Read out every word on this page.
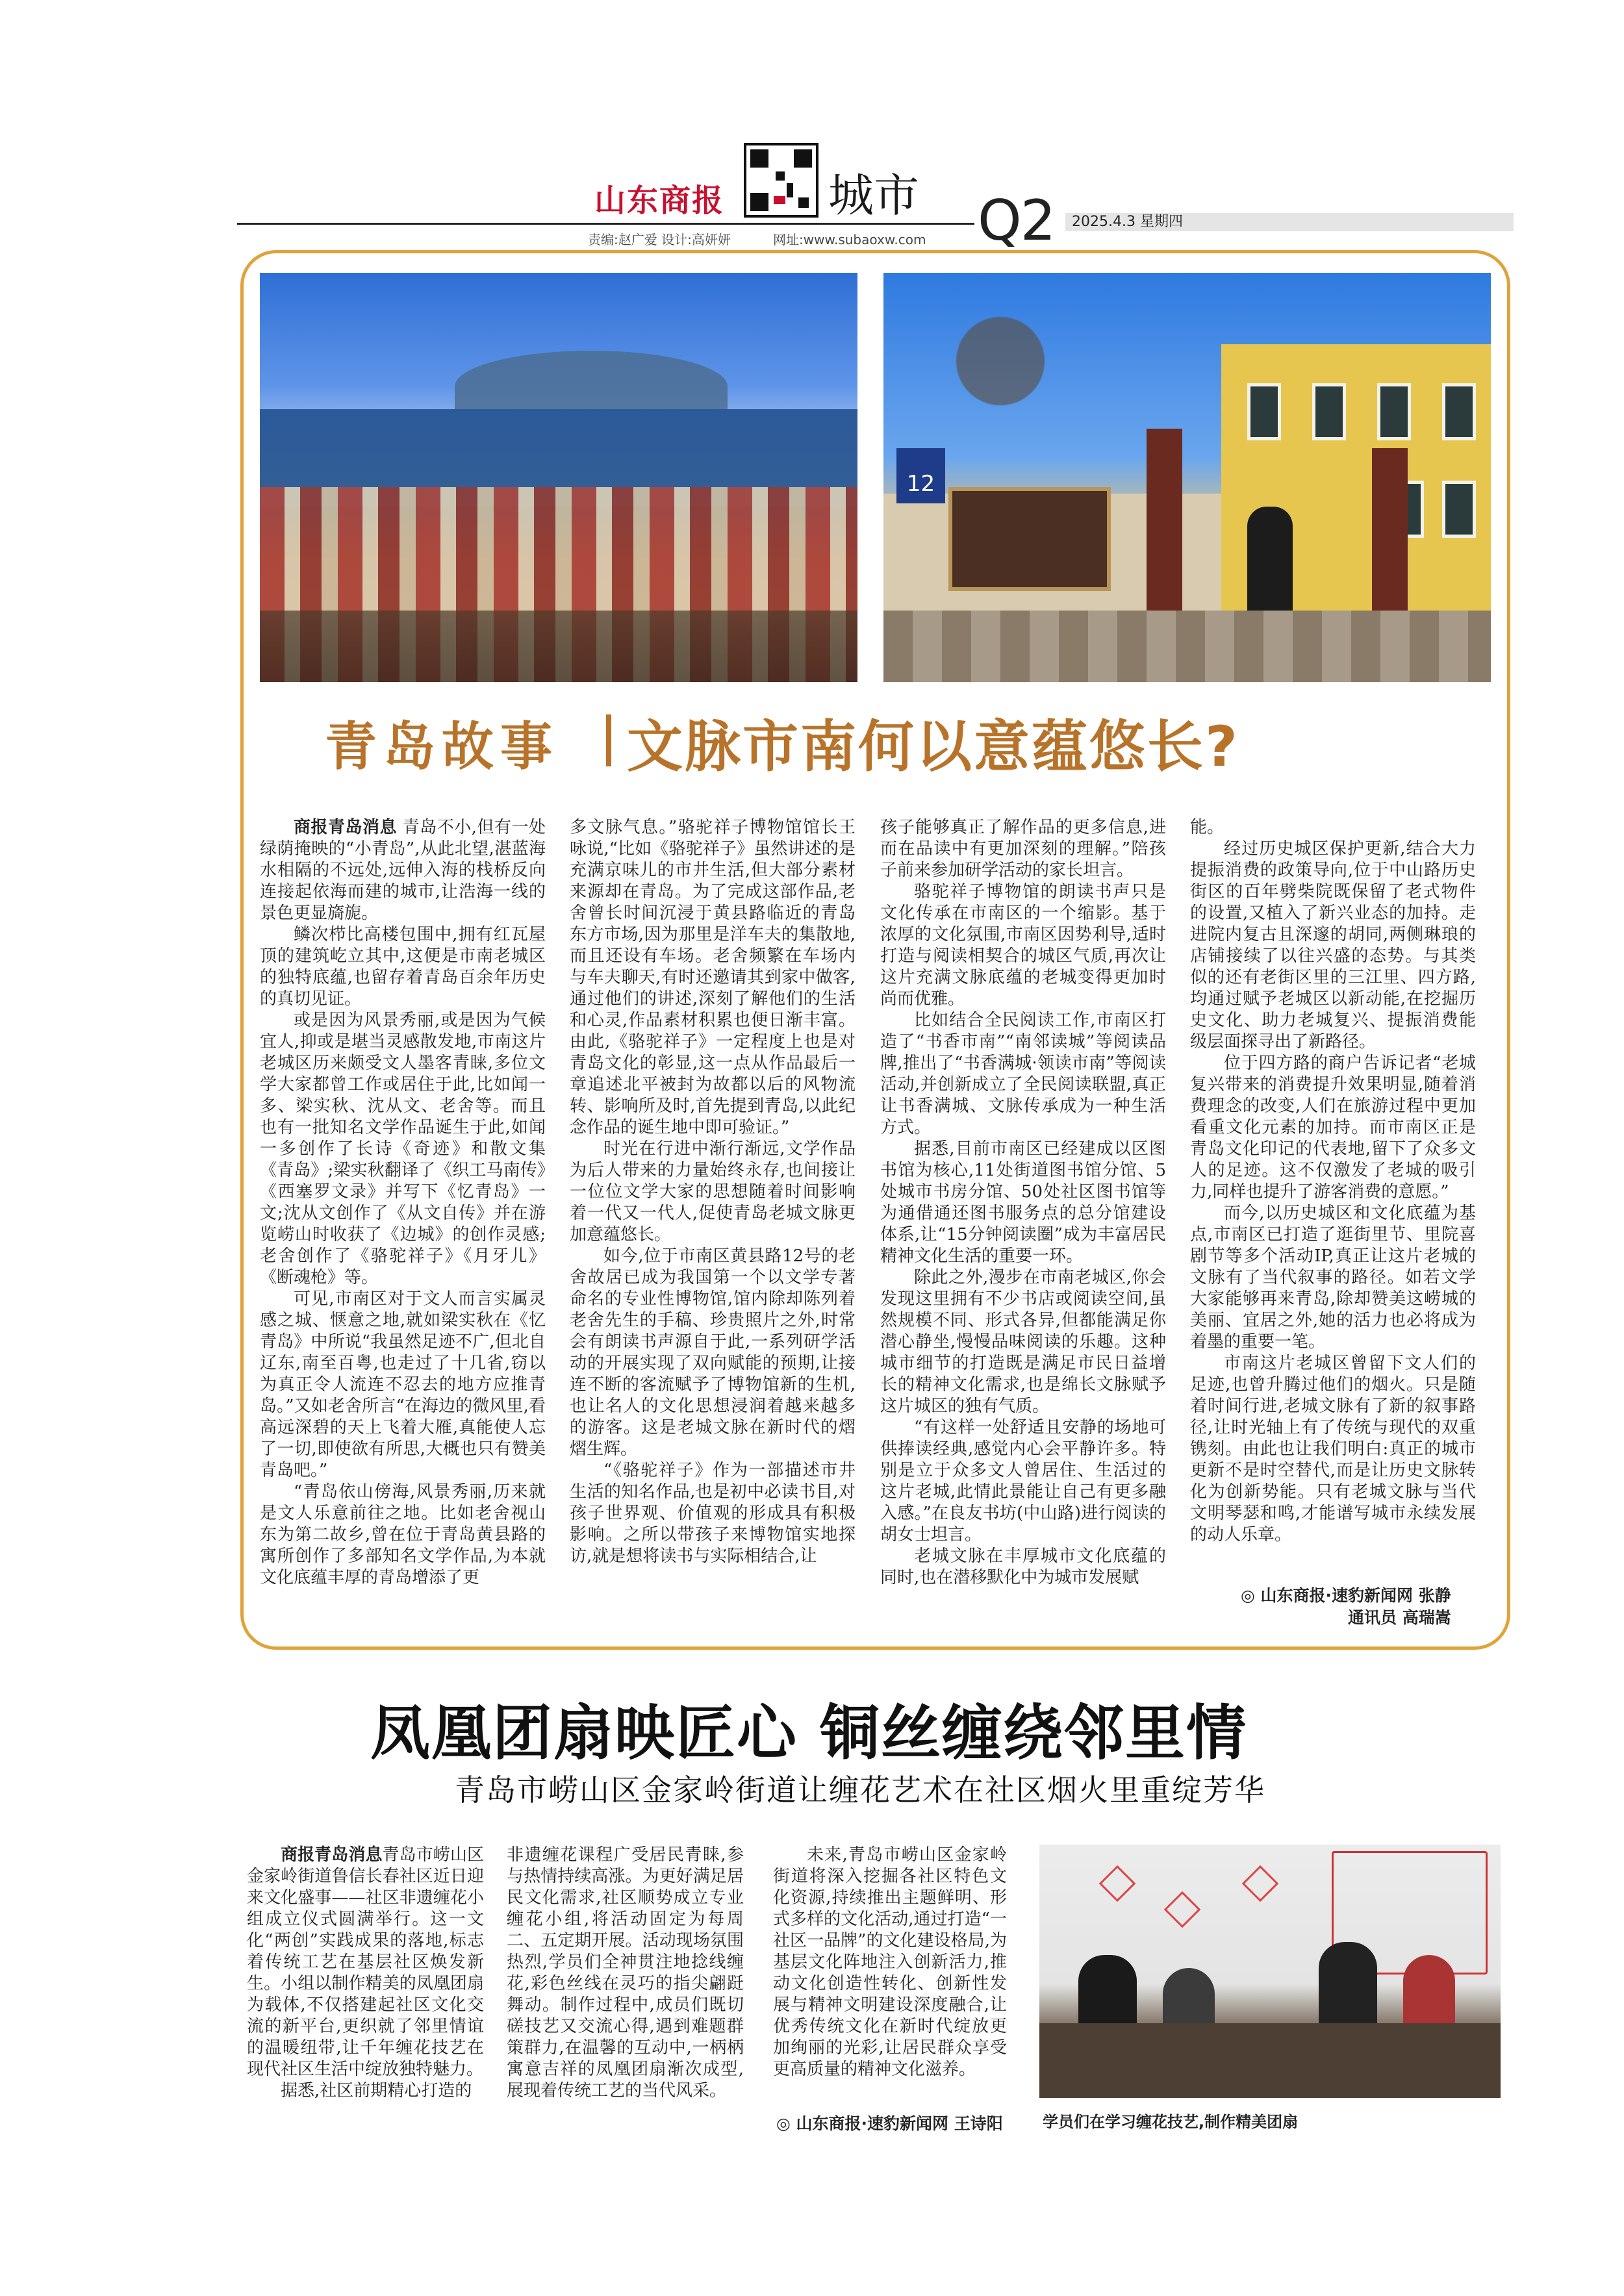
山东商报 城市 Q2 2025.4.3 星期四
责编:赵广爱 设计:高妍妍	网址:www.subaoxw.com
12
青岛故事 文脉市南何以意蕴悠长?

商报青岛消息 青岛不小,但有一处绿荫掩映的“小青岛”,从此北望,湛蓝海水相隔的不远处,远伸入海的栈桥反向连接起依海而建的城市,让浩海一线的景色更显旖旎。

鳞次栉比高楼包围中,拥有红瓦屋顶的建筑屹立其中,这便是市南老城区的独特底蕴,也留存着青岛百余年历史的真切见证。

或是因为风景秀丽,或是因为气候宜人,抑或是堪当灵感散发地,市南这片老城区历来颇受文人墨客青睐,多位文学大家都曾工作或居住于此,比如闻一多、梁实秋、沈从文、老舍等。而且也有一批知名文学作品诞生于此,如闻一多创作了长诗《奇迹》和散文集《青岛》;梁实秋翻译了《织工马南传》《西塞罗文录》并写下《忆青岛》一文;沈从文创作了《从文自传》并在游览崂山时收获了《边城》的创作灵感;老舍创作了《骆驼祥子》《月牙儿》《断魂枪》等。

可见,市南区对于文人而言实属灵感之城、惬意之地,就如梁实秋在《忆青岛》中所说“我虽然足迹不广,但北自辽东,南至百粤,也走过了十几省,窃以为真正令人流连不忍去的地方应推青岛。”又如老舍所言“在海边的微风里,看高远深碧的天上飞着大雁,真能使人忘了一切,即使欲有所思,大概也只有赞美青岛吧。”

“青岛依山傍海,风景秀丽,历来就是文人乐意前往之地。比如老舍视山东为第二故乡,曾在位于青岛黄县路的寓所创作了多部知名文学作品,为本就文化底蕴丰厚的青岛增添了更

多文脉气息。”骆驼祥子博物馆馆长王咏说,“比如《骆驼祥子》虽然讲述的是充满京味儿的市井生活,但大部分素材来源却在青岛。为了完成这部作品,老舍曾长时间沉浸于黄县路临近的青岛东方市场,因为那里是洋车夫的集散地,而且还设有车场。老舍频繁在车场内与车夫聊天,有时还邀请其到家中做客,通过他们的讲述,深刻了解他们的生活和心灵,作品素材积累也便日渐丰富。由此,《骆驼祥子》一定程度上也是对青岛文化的彰显,这一点从作品最后一章追述北平被封为故都以后的风物流转、影响所及时,首先提到青岛,以此纪念作品的诞生地中即可验证。”

时光在行进中渐行渐远,文学作品为后人带来的力量始终永存,也间接让一位位文学大家的思想随着时间影响着一代又一代人,促使青岛老城文脉更加意蕴悠长。

如今,位于市南区黄县路12号的老舍故居已成为我国第一个以文学专著命名的专业性博物馆,馆内除却陈列着老舍先生的手稿、珍贵照片之外,时常会有朗读书声源自于此,一系列研学活动的开展实现了双向赋能的预期,让接连不断的客流赋予了博物馆新的生机,也让名人的文化思想浸润着越来越多的游客。这是老城文脉在新时代的熠熠生辉。

“《骆驼祥子》作为一部描述市井生活的知名作品,也是初中必读书目,对孩子世界观、价值观的形成具有积极影响。之所以带孩子来博物馆实地探访,就是想将读书与实际相结合,让

孩子能够真正了解作品的更多信息,进而在品读中有更加深刻的理解。”陪孩子前来参加研学活动的家长坦言。

骆驼祥子博物馆的朗读书声只是文化传承在市南区的一个缩影。基于浓厚的文化氛围,市南区因势利导,适时打造与阅读相契合的城区气质,再次让这片充满文脉底蕴的老城变得更加时尚而优雅。

比如结合全民阅读工作,市南区打造了“书香市南”“南邻读城”等阅读品牌,推出了“书香满城·领读市南”等阅读活动,并创新成立了全民阅读联盟,真正让书香满城、文脉传承成为一种生活方式。

据悉,目前市南区已经建成以区图书馆为核心,11处街道图书馆分馆、5处城市书房分馆、50处社区图书馆等为通借通还图书服务点的总分馆建设体系,让“15分钟阅读圈”成为丰富居民精神文化生活的重要一环。

除此之外,漫步在市南老城区,你会发现这里拥有不少书店或阅读空间,虽然规模不同、形式各异,但都能满足你潜心静坐,慢慢品味阅读的乐趣。这种城市细节的打造既是满足市民日益增长的精神文化需求,也是绵长文脉赋予这片城区的独有气质。

“有这样一处舒适且安静的场地可供捧读经典,感觉内心会平静许多。特别是立于众多文人曾居住、生活过的这片老城,此情此景能让自己有更多融入感。”在良友书坊(中山路)进行阅读的胡女士坦言。

老城文脉在丰厚城市文化底蕴的同时,也在潜移默化中为城市发展赋

能。

经过历史城区保护更新,结合大力提振消费的政策导向,位于中山路历史街区的百年劈柴院既保留了老式物件的设置,又植入了新兴业态的加持。走进院内复古且深邃的胡同,两侧琳琅的店铺接续了以往兴盛的态势。与其类似的还有老街区里的三江里、四方路,均通过赋予老城区以新动能,在挖掘历史文化、助力老城复兴、提振消费能级层面探寻出了新路径。

位于四方路的商户告诉记者“老城复兴带来的消费提升效果明显,随着消费理念的改变,人们在旅游过程中更加看重文化元素的加持。而市南区正是青岛文化印记的代表地,留下了众多文人的足迹。这不仅激发了老城的吸引力,同样也提升了游客消费的意愿。”

而今,以历史城区和文化底蕴为基点,市南区已打造了逛街里节、里院喜剧节等多个活动IP,真正让这片老城的文脉有了当代叙事的路径。如若文学大家能够再来青岛,除却赞美这崂城的美丽、宜居之外,她的活力也必将成为着墨的重要一笔。

市南这片老城区曾留下文人们的足迹,也曾升腾过他们的烟火。只是随着时间行进,老城文脉有了新的叙事路径,让时光轴上有了传统与现代的双重镌刻。由此也让我们明白:真正的城市更新不是时空替代,而是让历史文脉转化为创新势能。只有老城文脉与当代文明琴瑟和鸣,才能谱写城市永续发展的动人乐章。

◎ 山东商报·速豹新闻网 张静
通讯员 高瑞嵩
凤凰团扇映匠心 铜丝缠绕邻里情
青岛市崂山区金家岭街道让缠花艺术在社区烟火里重绽芳华

商报青岛消息青岛市崂山区金家岭街道鲁信长春社区近日迎来文化盛事——社区非遗缠花小组成立仪式圆满举行。这一文化“两创”实践成果的落地,标志着传统工艺在基层社区焕发新生。小组以制作精美的凤凰团扇为载体,不仅搭建起社区文化交流的新平台,更织就了邻里情谊的温暖纽带,让千年缠花技艺在现代社区生活中绽放独特魅力。

据悉,社区前期精心打造的

非遗缠花课程广受居民青睐,参与热情持续高涨。为更好满足居民文化需求,社区顺势成立专业缠花小组,将活动固定为每周二、五定期开展。活动现场氛围热烈,学员们全神贯注地捻线缠花,彩色丝线在灵巧的指尖翩跹舞动。制作过程中,成员们既切磋技艺又交流心得,遇到难题群策群力,在温馨的互动中,一柄柄寓意吉祥的凤凰团扇渐次成型,展现着传统工艺的当代风采。

未来,青岛市崂山区金家岭街道将深入挖掘各社区特色文化资源,持续推出主题鲜明、形式多样的文化活动,通过打造“一社区一品牌”的文化建设格局,为基层文化阵地注入创新活力,推动文化创造性转化、创新性发展与精神文明建设深度融合,让优秀传统文化在新时代绽放更加绚丽的光彩,让居民群众享受更高质量的精神文化滋养。

◎ 山东商报·速豹新闻网 王诗阳	学员们在学习缠花技艺,制作精美团扇
